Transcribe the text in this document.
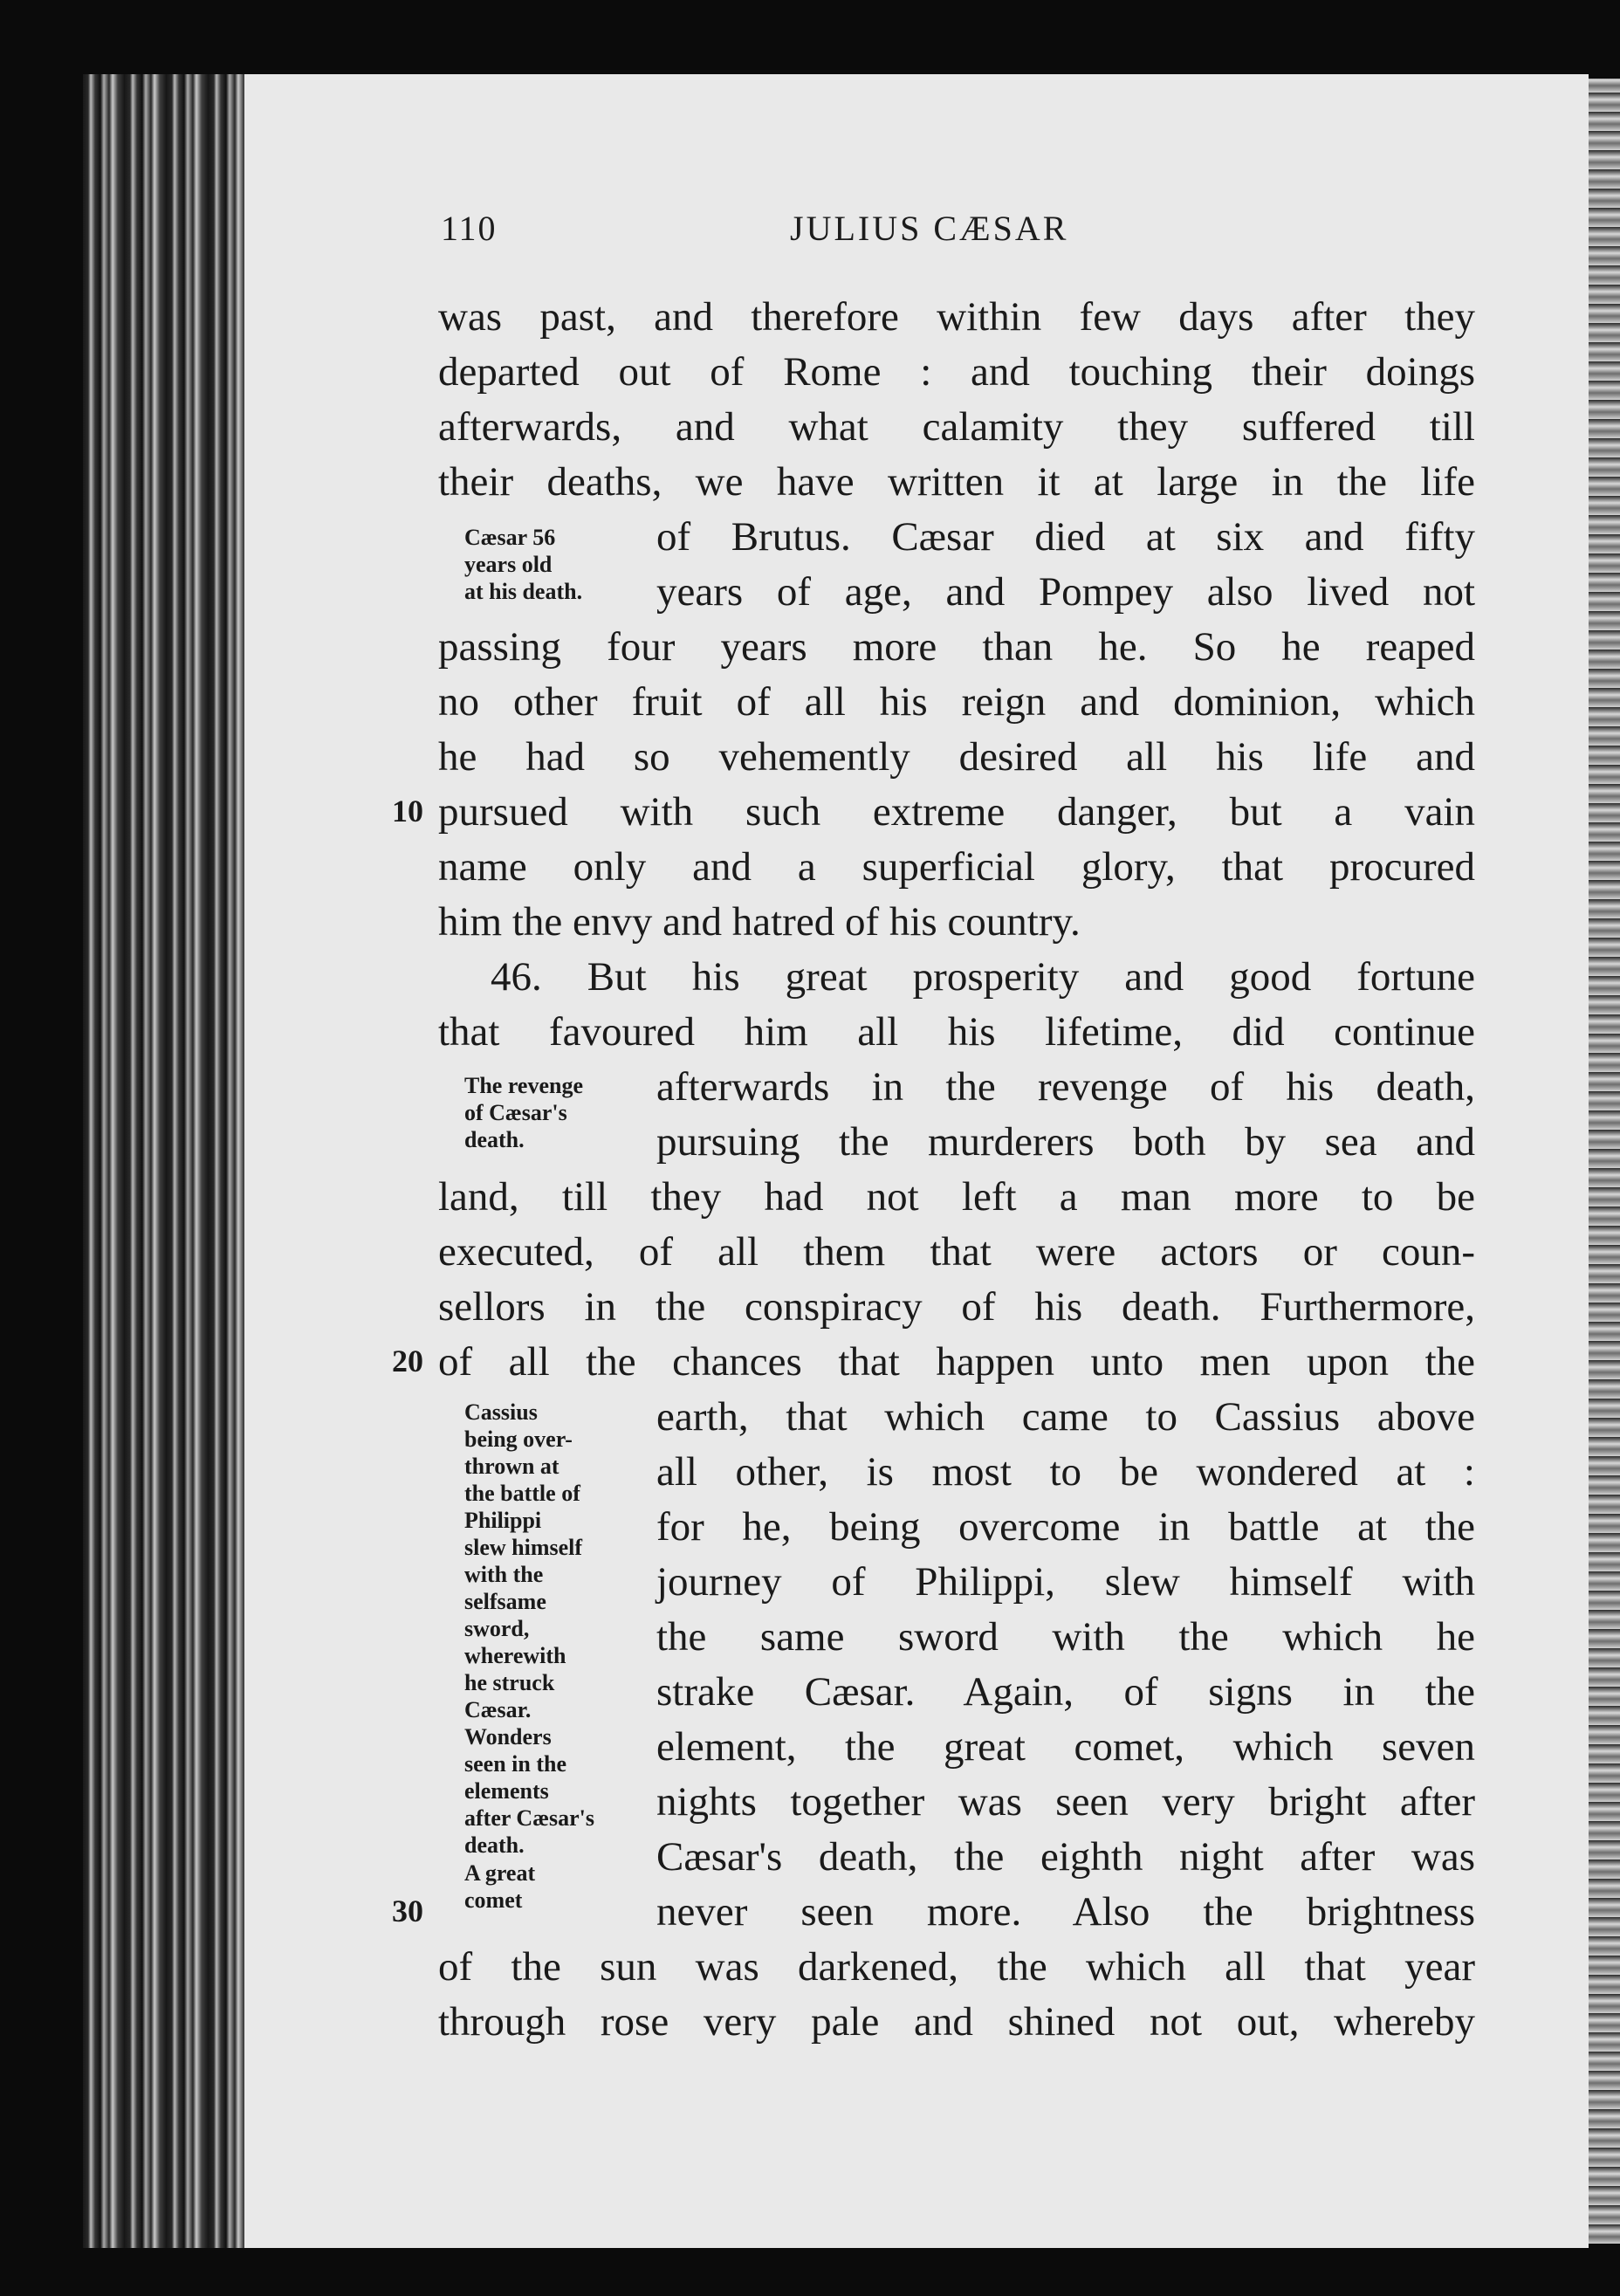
110	JULIUS CÆSAR
was past, and therefore within few days after they
departed out of Rome : and touching their doings
afterwards, and what calamity they suffered till
their deaths, we have written it at large in the life
of Brutus. Cæsar died at six and fifty
years of age, and Pompey also lived not
passing four years more than he. So he reaped
no other fruit of all his reign and dominion, which
he had so vehemently desired all his life and
pursued with such extreme danger, but a vain
name only and a superficial glory, that procured
him the envy and hatred of his country.
46. But his great prosperity and good fortune
that favoured him all his lifetime, did continue
afterwards in the revenge of his death,
pursuing the murderers both by sea and
land, till they had not left a man more to be
executed, of all them that were actors or coun-
sellors in the conspiracy of his death. Furthermore,
of all the chances that happen unto men upon the
earth, that which came to Cassius above
all other, is most to be wondered at :
for he, being overcome in battle at the
journey of Philippi, slew himself with
the same sword with the which he
strake Cæsar. Again, of signs in the
element, the great comet, which seven
nights together was seen very bright after
Cæsar's death, the eighth night after was
never seen more. Also the brightness
of the sun was darkened, the which all that year
through rose very pale and shined not out, whereby
10
20
30
Cæsar 56
years old
at his death.
The revenge
of Cæsar's
death.
Cassius
being over-
thrown at
the battle of
Philippi
slew himself
with the
selfsame
sword,
wherewith
he struck
Cæsar.
Wonders
seen in the
elements
after Cæsar's
death.
A great
comet
